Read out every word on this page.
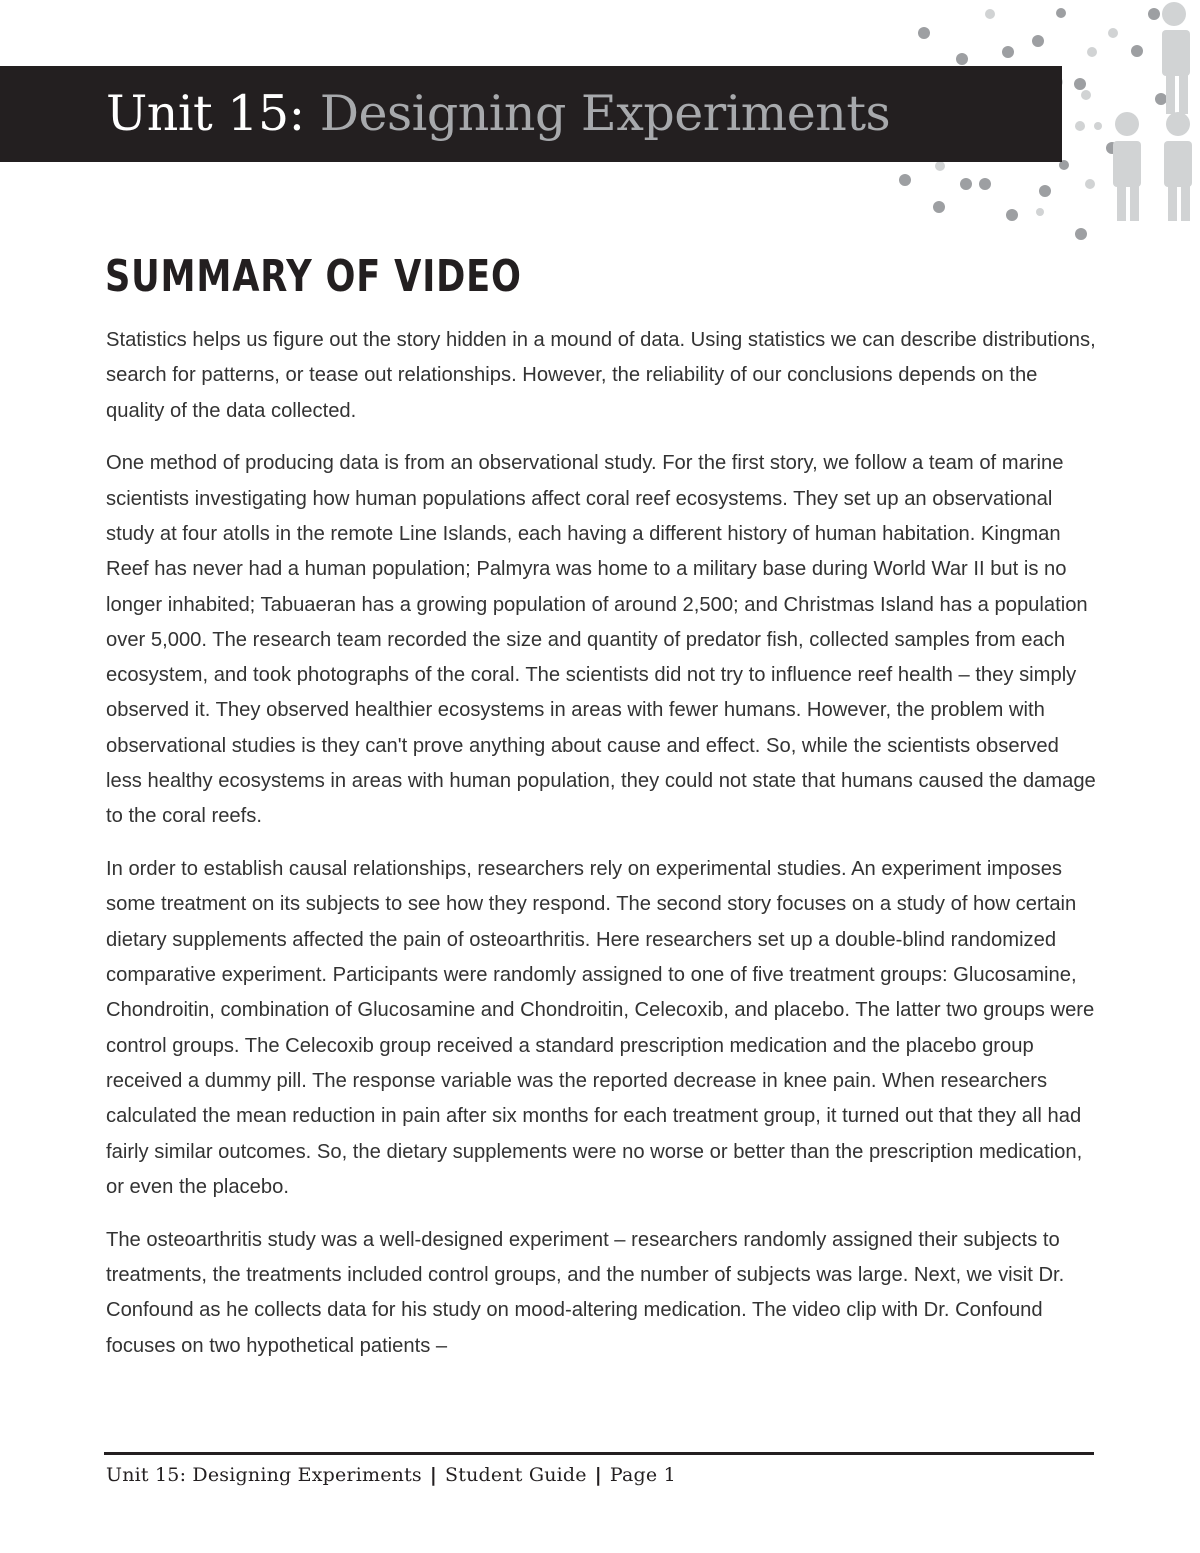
Unit 15: Designing Experiments
SUMMARY OF VIDEO

Statistics helps us figure out the story hidden in a mound of data. Using statistics we can describe distributions, search for patterns, or tease out relationships. However, the reliability of our conclusions depends on the quality of the data collected.

One method of producing data is from an observational study. For the first story, we follow a team of marine scientists investigating how human populations affect coral reef ecosystems. They set up an observational study at four atolls in the remote Line Islands, each having a different history of human habitation. Kingman Reef has never had a human population; Palmyra was home to a military base during World War II but is no longer inhabited; Tabuaeran has a growing population of around 2,500; and Christmas Island has a population over 5,000. The research team recorded the size and quantity of predator fish, collected samples from each ecosystem, and took photographs of the coral. The scientists did not try to influence reef health – they simply observed it. They observed healthier ecosystems in areas with fewer humans. However, the problem with observational studies is they can't prove anything about cause and effect. So, while the scientists observed less healthy ecosystems in areas with human population, they could not state that humans caused the damage to the coral reefs.

In order to establish causal relationships, researchers rely on experimental studies. An experiment imposes some treatment on its subjects to see how they respond. The second story focuses on a study of how certain dietary supplements affected the pain of osteoarthritis. Here researchers set up a double-blind randomized comparative experiment. Participants were randomly assigned to one of five treatment groups: Glucosamine, Chondroitin, combination of Glucosamine and Chondroitin, Celecoxib, and placebo. The latter two groups were control groups. The Celecoxib group received a standard prescription medication and the placebo group received a dummy pill. The response variable was the reported decrease in knee pain. When researchers calculated the mean reduction in pain after six months for each treatment group, it turned out that they all had fairly similar outcomes. So, the dietary supplements were no worse or better than the prescription medication, or even the placebo.

The osteoarthritis study was a well-designed experiment – researchers randomly assigned their subjects to treatments, the treatments included control groups, and the number of subjects was large. Next, we visit Dr. Confound as he collects data for his study on mood-altering medication. The video clip with Dr. Confound focuses on two hypothetical patients –

Unit 15: Designing Experiments | Student Guide | Page 1
